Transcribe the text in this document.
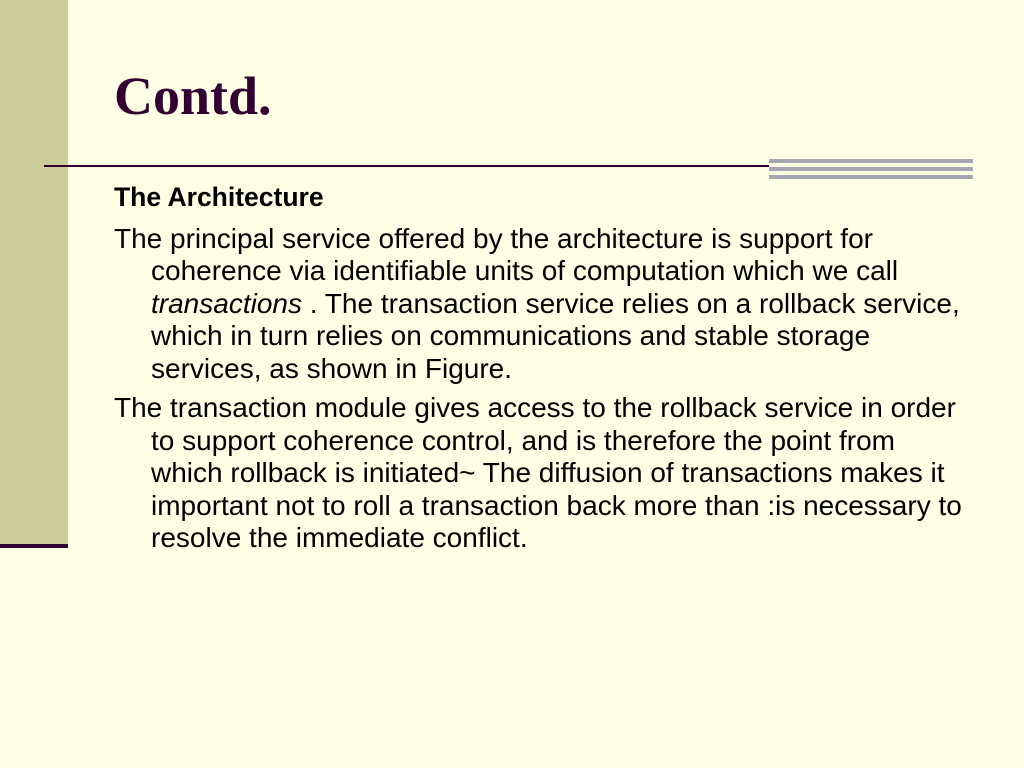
Contd.
The Architecture

The principal service offered by the architecture is support for coherence via identifiable units of computation which we call transactions . The transaction service relies on a rollback service, which in turn relies on communications and stable storage services, as shown in Figure.

The transaction module gives access to the rollback service in order to support coherence control, and is therefore the point from which rollback is initiated~ The diffusion of transactions makes it important not to roll a transaction back more than :is necessary to resolve the immediate conflict.
